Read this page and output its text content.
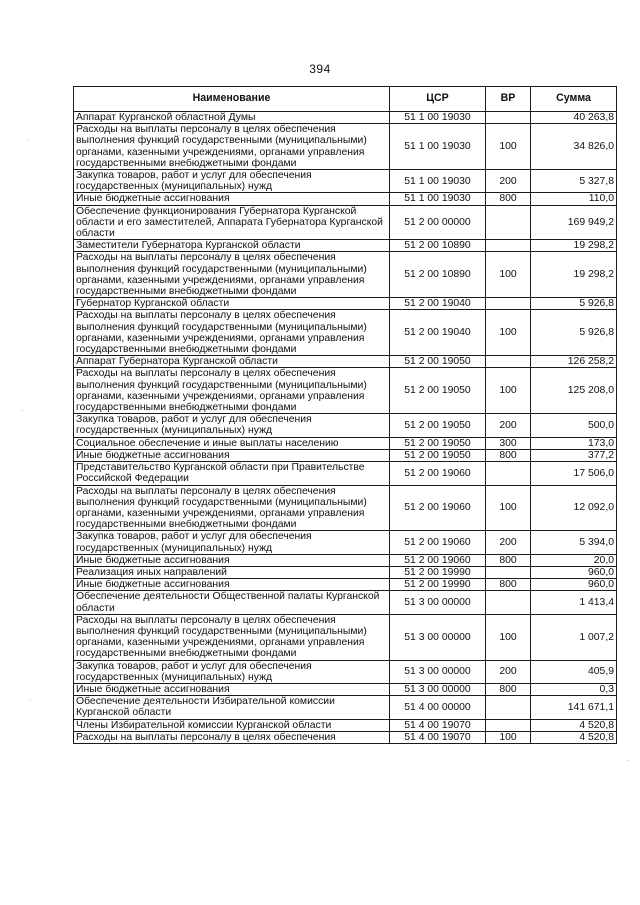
394
Наименование	ЦСР	ВР	Сумма
Аппарат Курганской областной Думы	51 1 00 19030		40 263,8
Расходы на выплаты персоналу в целях обеспечения выполнения функций государственными (муниципальными) органами, казенными учреждениями, органами управления государственными внебюджетными фондами	51 1 00 19030	100	34 826,0
Закупка товаров, работ и услуг для обеспечения государственных (муниципальных) нужд	51 1 00 19030	200	5 327,8
Иные бюджетные ассигнования	51 1 00 19030	800	110,0
Обеспечение функционирования Губернатора Курганской области и его заместителей, Аппарата Губернатора Курганской области	51 2 00 00000		169 949,2
Заместители Губернатора Курганской области	51 2 00 10890		19 298,2
Расходы на выплаты персоналу в целях обеспечения выполнения функций государственными (муниципальными) органами, казенными учреждениями, органами управления государственными внебюджетными фондами	51 2 00 10890	100	19 298,2
Губернатор Курганской области	51 2 00 19040		5 926,8
Расходы на выплаты персоналу в целях обеспечения выполнения функций государственными (муниципальными) органами, казенными учреждениями, органами управления государственными внебюджетными фондами	51 2 00 19040	100	5 926,8
Аппарат Губернатора Курганской области	51 2 00 19050		126 258,2
Расходы на выплаты персоналу в целях обеспечения выполнения функций государственными (муниципальными) органами, казенными учреждениями, органами управления государственными внебюджетными фондами	51 2 00 19050	100	125 208,0
Закупка товаров, работ и услуг для обеспечения государственных (муниципальных) нужд	51 2 00 19050	200	500,0
Социальное обеспечение и иные выплаты населению	51 2 00 19050	300	173,0
Иные бюджетные ассигнования	51 2 00 19050	800	377,2
Представительство Курганской области при Правительстве Российской Федерации	51 2 00 19060		17 506,0
Расходы на выплаты персоналу в целях обеспечения выполнения функций государственными (муниципальными) органами, казенными учреждениями, органами управления государственными внебюджетными фондами	51 2 00 19060	100	12 092,0
Закупка товаров, работ и услуг для обеспечения государственных (муниципальных) нужд	51 2 00 19060	200	5 394,0
Иные бюджетные ассигнования	51 2 00 19060	800	20,0
Реализация иных направлений	51 2 00 19990		960,0
Иные бюджетные ассигнования	51 2 00 19990	800	960,0
Обеспечение деятельности Общественной палаты Курганской области	51 3 00 00000		1 413,4
Расходы на выплаты персоналу в целях обеспечения выполнения функций государственными (муниципальными) органами, казенными учреждениями, органами управления государственными внебюджетными фондами	51 3 00 00000	100	1 007,2
Закупка товаров, работ и услуг для обеспечения государственных (муниципальных) нужд	51 3 00 00000	200	405,9
Иные бюджетные ассигнования	51 3 00 00000	800	0,3
Обеспечение деятельности Избирательной комиссии Курганской области	51 4 00 00000		141 671,1
Члены Избирательной комиссии Курганской области	51 4 00 19070		4 520,8
Расходы на выплаты персоналу в целях обеспечения	51 4 00 19070	100	4 520,8
